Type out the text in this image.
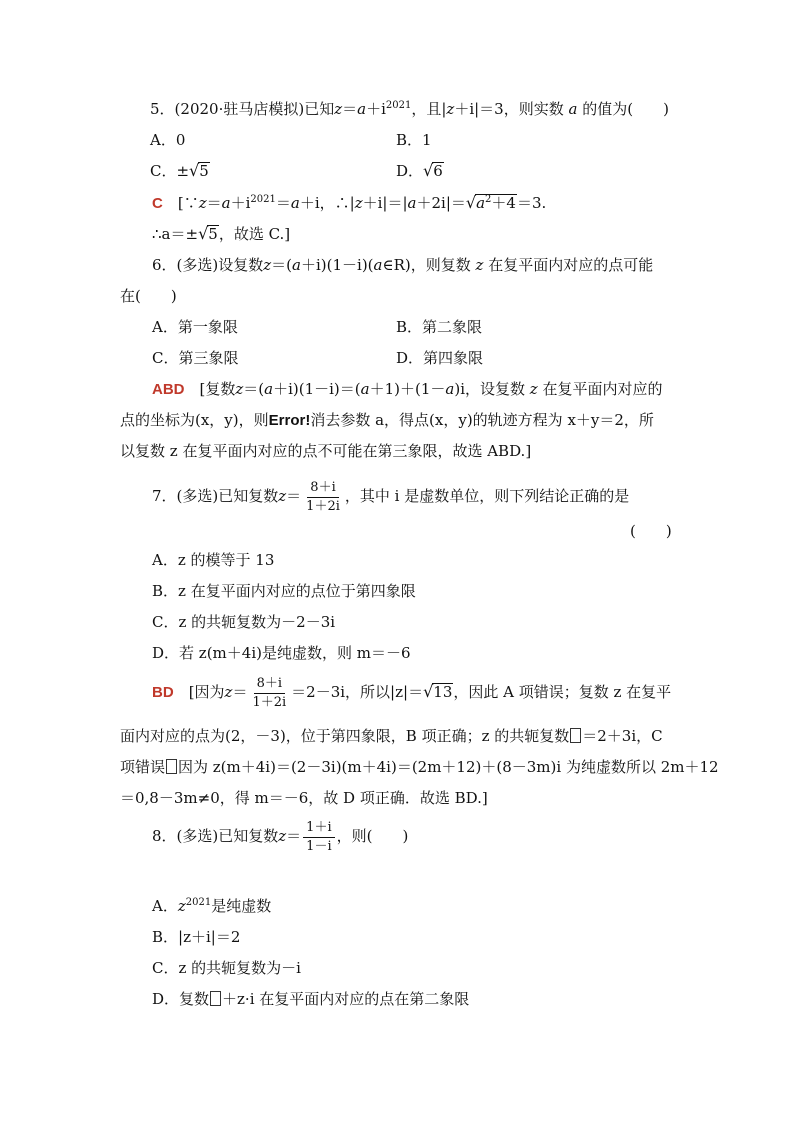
5．(2020·驻马店模拟)已知$z=a+i^{2021}$，且|z＋i|＝3，则实数 a 的值为(　　)
A．0	B．1
C．±√5	D．√6
C　 [$\because z=a+i^{2021}=a+i$，$\therefore|z+i|=|a+2i|=√a^2+4=3$.
∴a＝±√5，故选 C.]
6．(多选)设复数z＝(a＋i)(1－i)(a∈R)，则复数 z 在复平面内对应的点可能
在(　　)
A．第一象限	B．第二象限
C．第三象限	D．第四象限
ABD　 [复数z＝(a＋i)(1－i)＝(a＋1)＋(1－a)i，设复数 z 在复平面内对应的
点的坐标为(x，y)，则Error!消去参数 a，得点(x，y)的轨迹方程为 x＋y＝2，所
以复数 z 在复平面内对应的点不可能在第三象限，故选 ABD.]
7．(多选)已知复数$z= \frac{8+i}{1+2i}$ ，其中 i 是虚数单位，则下列结论正确的是
(　　)
A．z 的模等于 13
B．z 在复平面内对应的点位于第四象限
C．z 的共轭复数为－2－3i
D．若 z(m＋4i)是纯虚数，则 m＝－6
BD　 [因为$z= \frac{8+i}{1+2i} =2-3i$，所以|z|＝√13，因此 A 项错误；复数 z 在复平
面内对应的点为(2，－3)，位于第四象限，B 项正确；z 的共轭复数 ＝2＋3i，C
项错误 因为 z(m＋4i)＝(2－3i)(m＋4i)＝(2m＋12)＋(8－3m)i 为纯虚数所以 2m＋12
＝0,8－3m≠0，得 m＝－6，故 D 项正确．故选 BD.]
8．(多选)已知复数$z= \frac{1+i}{1-i}$ ，则(　　)
A．$z^{2021}$是纯虚数
B．|z＋i|＝2
C．z 的共轭复数为－i
D．复数 ＋z·i 在复平面内对应的点在第二象限
